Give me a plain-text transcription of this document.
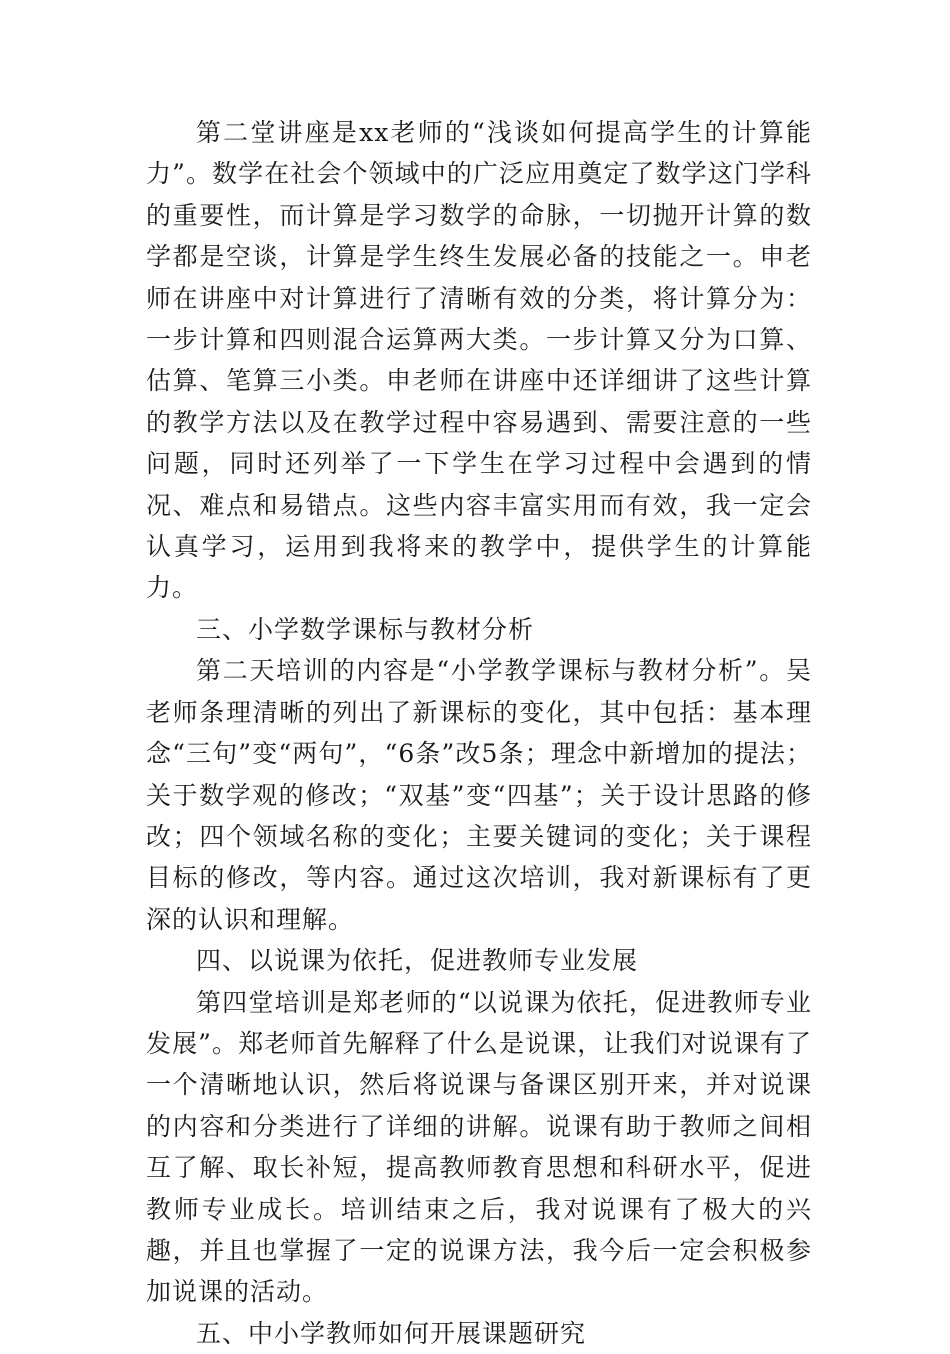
第二堂讲座是xx老师的“浅谈如何提高学生的计算能力”。数学在社会个领域中的广泛应用奠定了数学这门学科的重要性，而计算是学习数学的命脉，一切抛开计算的数学都是空谈，计算是学生终生发展必备的技能之一。申老师在讲座中对计算进行了清晰有效的分类，将计算分为：一步计算和四则混合运算两大类。一步计算又分为口算、估算、笔算三小类。申老师在讲座中还详细讲了这些计算的教学方法以及在教学过程中容易遇到、需要注意的一些问题，同时还列举了一下学生在学习过程中会遇到的情况、难点和易错点。这些内容丰富实用而有效，我一定会认真学习，运用到我将来的教学中，提供学生的计算能力。

三、小学数学课标与教材分析

第二天培训的内容是“小学教学课标与教材分析”。吴老师条理清晰的列出了新课标的变化，其中包括：基本理念“三句”变“两句”，“6条”改5条；理念中新增加的提法；关于数学观的修改；“双基”变“四基”；关于设计思路的修改；四个领域名称的变化；主要关键词的变化；关于课程目标的修改，等内容。通过这次培训，我对新课标有了更深的认识和理解。

四、以说课为依托，促进教师专业发展

第四堂培训是郑老师的“以说课为依托，促进教师专业发展”。郑老师首先解释了什么是说课，让我们对说课有了一个清晰地认识，然后将说课与备课区别开来，并对说课的内容和分类进行了详细的讲解。说课有助于教师之间相互了解、取长补短，提高教师教育思想和科研水平，促进教师专业成长。培训结束之后，我对说课有了极大的兴趣，并且也掌握了一定的说课方法，我今后一定会积极参加说课的活动。

五、中小学教师如何开展课题研究
